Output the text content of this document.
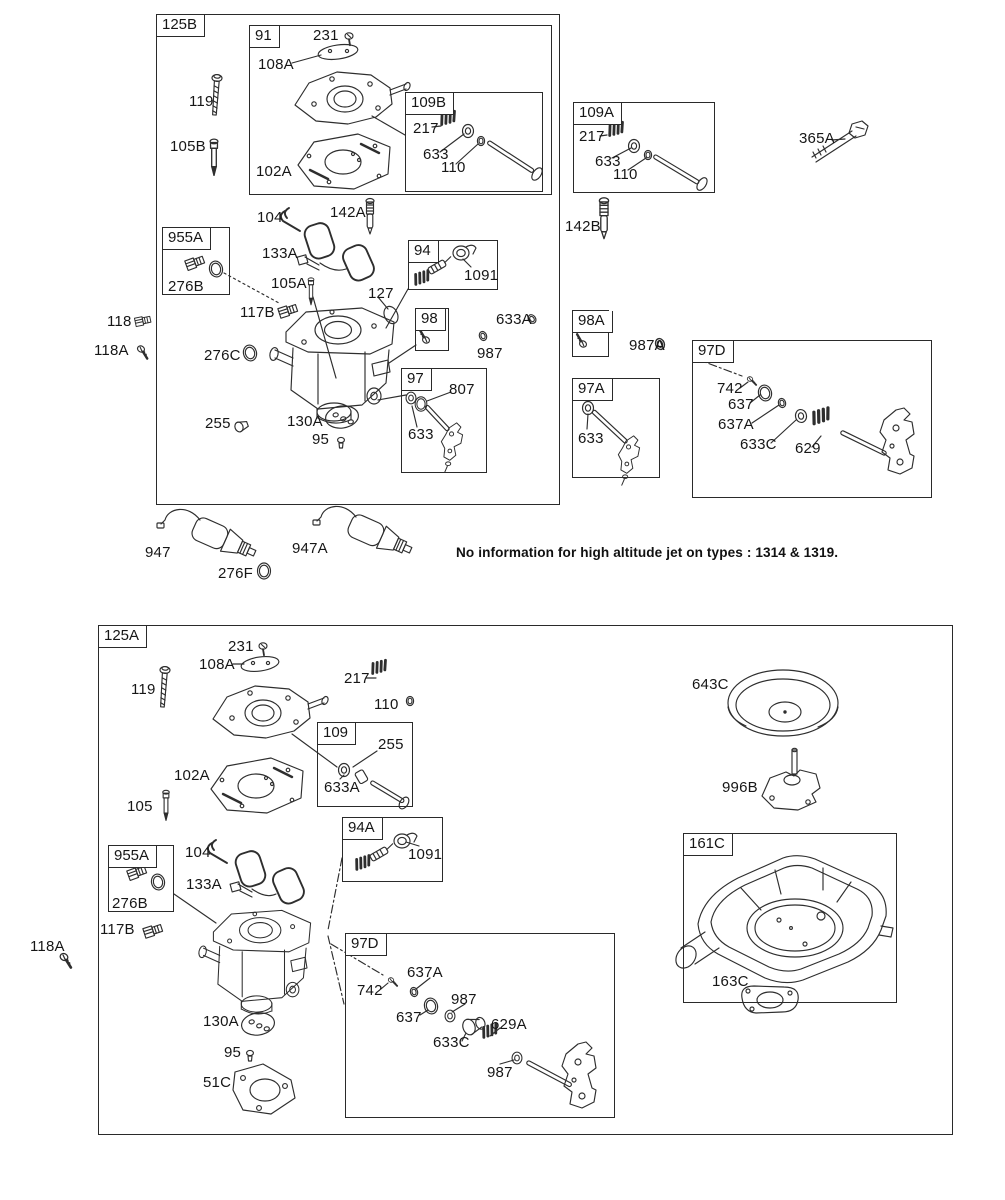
No information for high altitude jet on types : 1314 & 1319.
125B
91
109B
109A
955A
94
98
97
98A
97A
97D
125A
109
94A
955A
97D
161C
231
108A
119
105B
102A
217
633
110
217
633
110
365A
142B
104	142A
133A
105A
127
276B
1091
117B
118
118A	276C
633A
987
807
633
255	130A
95
987A
633
742
637
637A
633C 629
947
276F
947A
231
108A
119
217
110
643C
102A
105
255
633A	996B
1091
104
133A
276B
117B
118A
130A
95
51C
163C
742
637A
637
987
633C
629A
987
